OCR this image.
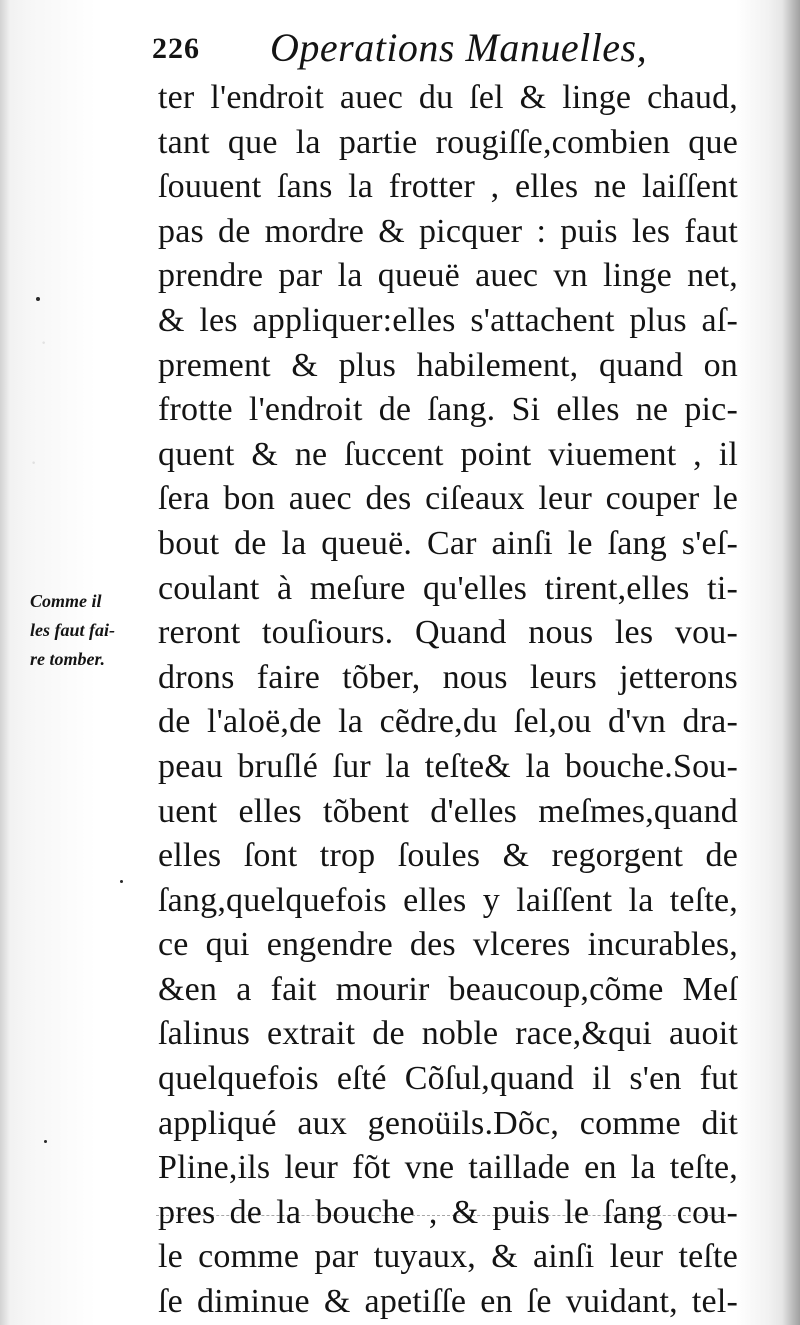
·
·
226 Operations Manuelles,
ter l'endroit auec du ſel & linge chaud,
tant que la partie rougiſſe,combien que
ſouuent ſans la frotter , elles ne laiſſent
pas de mordre & picquer : puis les faut
prendre par la queuë auec vn linge net,
& les appliquer:elles s'attachent plus aſ-
prement & plus habilement, quand on
frotte l'endroit de ſang. Si elles ne pic-
quent & ne ſuccent point viuement , il
ſera bon auec des ciſeaux leur couper le
bout de la queuë. Car ainſi le ſang s'eſ-
coulant à meſure qu'elles tirent,elles ti-
reront touſiours. Quand nous les vou-
drons faire tõber, nous leurs jetterons
de l'aloë,de la cẽdre,du ſel,ou d'vn dra-
peau bruſlé ſur la teſte& la bouche.Sou-
uent elles tõbent d'elles meſmes,quand
elles ſont trop ſoules & regorgent de
ſang,quelquefois elles y laiſſent la teſte,
ce qui engendre des vlceres incurables,
&en a fait mourir beaucoup,cõme Meſ
ſalinus extrait de noble race,&qui auoit
quelquefois eſté Cõſul,quand il s'en fut
appliqué aux genoüils.Dõc, comme dit
Pline,ils leur fõt vne taillade en la teſte,
pres de la bouche , & puis le ſang cou-
le comme par tuyaux, & ainſi leur teſte
ſe diminue & apetiſſe en ſe vuidant, tel-
Comme il
les faut fai-
re tomber.
